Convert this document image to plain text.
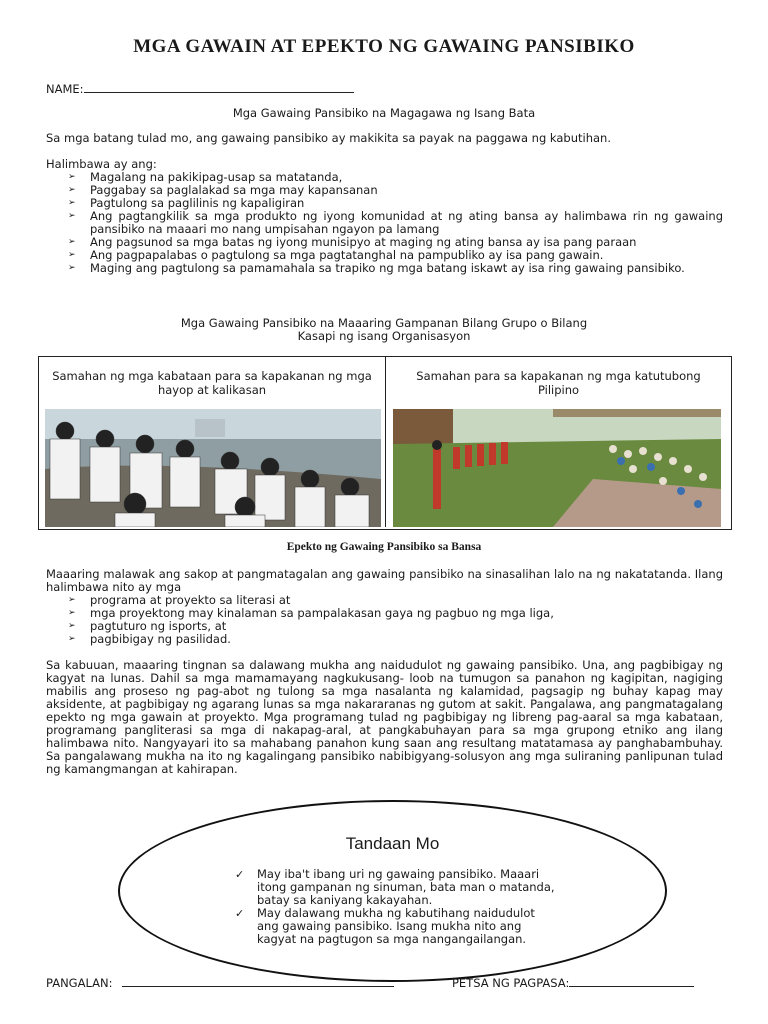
MGA GAWAIN AT EPEKTO NG GAWAING PANSIBIKO
NAME:
Mga Gawaing Pansibiko na Magagawa ng Isang Bata
Sa mga batang tulad mo, ang gawaing pansibiko ay makikita sa payak na paggawa ng kabutihan.
Halimbawa ay ang:
➢ Magalang na pakikipag-usap sa matatanda,
➢ Paggabay sa paglalakad sa mga may kapansanan
➢ Pagtulong sa paglilinis ng kapaligiran
➢ Ang pagtangkilik sa mga produkto ng iyong komunidad at ng ating bansa ay halimbawa rin ng gawaing pansibiko na maaari mo nang umpisahan ngayon pa lamang
➢ Ang pagsunod sa mga batas ng iyong munisipyo at maging ng ating bansa ay isa pang paraan
➢ Ang pagpapalabas o pagtulong sa mga pagtatanghal na pampubliko ay isa pang gawain.
➢ Maging ang pagtulong sa pamamahala sa trapiko ng mga batang iskawt ay isa ring gawaing pansibiko.
Mga Gawaing Pansibiko na Maaaring Gampanan Bilang Grupo o Bilang Kasapi ng isang Organisasyon
Samahan ng mga kabataan para sa kapakanan ng mga hayop at kalikasan
Samahan para sa kapakanan ng mga katutubong Pilipino
Epekto ng Gawaing Pansibiko sa Bansa
Maaaring malawak ang sakop at pangmatagalan ang gawaing pansibiko na sinasalihan lalo na ng nakatatanda. Ilang halimbawa nito ay mga
➢ programa at proyekto sa literasi at
➢ mga proyektong may kinalaman sa pampalakasan gaya ng pagbuo ng mga liga,
➢ pagtuturo ng isports, at
➢ pagbibigay ng pasilidad.
Sa kabuuan, maaaring tingnan sa dalawang mukha ang naidudulot ng gawaing pansibiko. Una, ang pagbibigay ng kagyat na lunas. Dahil sa mga mamamayang nagkukusang- loob na tumugon sa panahon ng kagipitan, nagiging mabilis ang proseso ng pag-abot ng tulong sa mga nasalanta ng kalamidad, pagsagip ng buhay kapag may aksidente, at pagbibigay ng agarang lunas sa mga nakararanas ng gutom at sakit. Pangalawa, ang pangmatagalang epekto ng mga gawain at proyekto. Mga programang tulad ng pagbibigay ng libreng pag-aaral sa mga kabataan, programang pangliterasi sa mga di nakapag-aral, at pangkabuhayan para sa mga grupong etniko ang ilang halimbawa nito. Nangyayari ito sa mahabang panahon kung saan ang resultang matatamasa ay panghabambuhay. Sa pangalawang mukha na ito ng kagalingang pansibiko nabibigyang-solusyon ang mga suliraning panlipunan tulad ng kamangmangan at kahirapan.
Tandaan Mo
✓ May iba't ibang uri ng gawaing pansibiko. Maaari itong gampanan ng sinuman, bata man o matanda, batay sa kaniyang kakayahan.
✓ May dalawang mukha ng kabutihang naidudulot ang gawaing pansibiko. Isang mukha nito ang kagyat na pagtugon sa mga nangangailangan.
PANGALAN:	PETSA NG PAGPASA:
